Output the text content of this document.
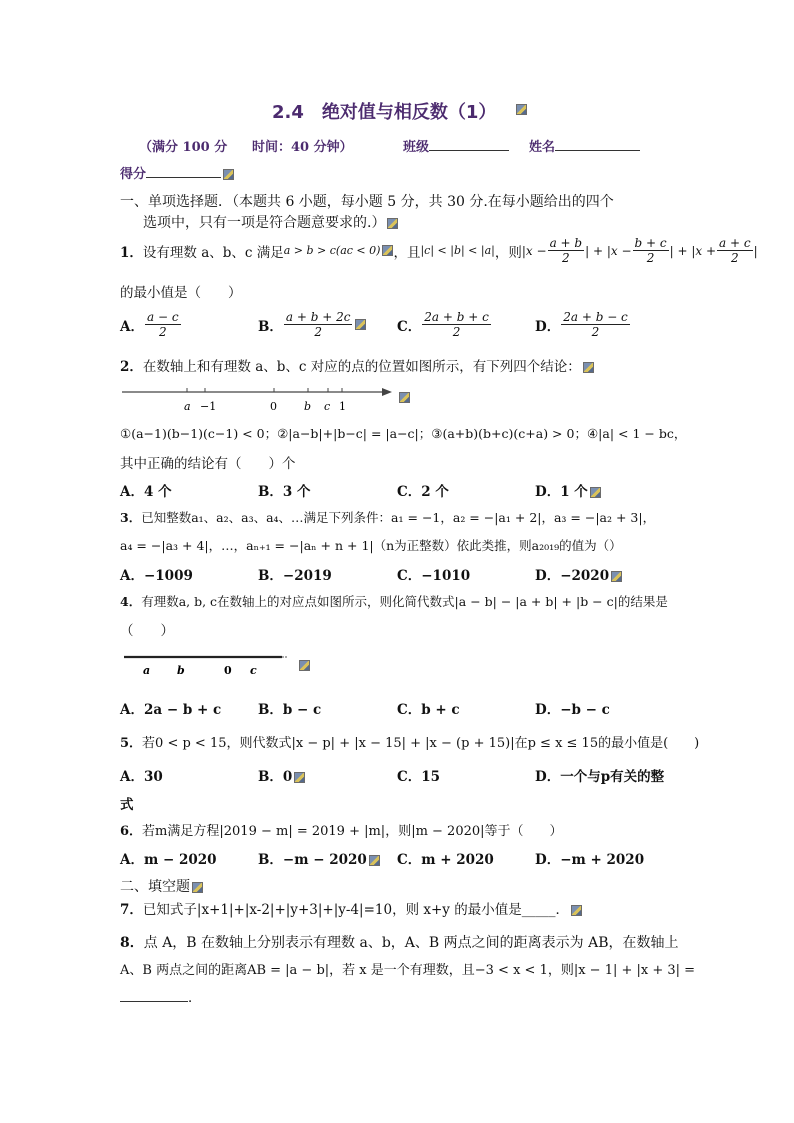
2.4　绝对值与相反数（1）
（满分 100 分 时间：40 分钟）	班级	姓名
得分
一、单项选择题．（本题共 6 小题，每小题 5 分，共 30 分.在每小题给出的四个
选项中，只有一项是符合题意要求的.）
1． 设有理数 a、b、c 满足 a > b > c(ac < 0) ，且 |c| < |b| < |a| ，则 $|x - \frac{a + b}{2}$ | + $|x - \frac{b + c}{2}$ | + $|x + \frac{a + c}{2}$ |
的最小值是（　　）
A． $\frac{a - c}{2}$	B． $\frac{a + b + 2c}{2}$	C． $\frac{2a + b + c}{2}$	D． $\frac{2a + b - c}{2}$
2．在数轴上和有理数 a、b、c 对应的点的位置如图所示，有下列四个结论：
a −1	0 b c 1
①(a−1)(b−1)(c−1) < 0；②|a−b|+|b−c| = |a−c|；③(a+b)(b+c)(c+a) > 0；④|a| < 1 − bc，
其中正确的结论有（　　）个
A．4 个	B．3 个	C．2 个	D．1 个
3．已知整数a₁、a₂、a₃、a₄、…满足下列条件：a₁ = −1，a₂ = −|a₁ + 2|，a₃ = −|a₂ + 3|，
a₄ = −|a₃ + 4|，…，aₙ₊₁ = −|aₙ + n + 1|（n为正整数）依此类推，则a₂₀₁₉的值为（）
A．−1009	B．−2019	C．−1010	D．−2020
4．有理数a, b, c在数轴上的对应点如图所示，则化简代数式|a − b| − |a + b| + |b − c|的结果是
（　　）
a b	0 c
A．2a − b + c	B．b − c	C．b + c	D．−b − c
5．若0 < p < 15，则代数式|x − p| + |x − 15| + |x − (p + 15)|在p ≤ x ≤ 15的最小值是(　　)
A．30	B．0	C．15	D．一个与p有关的整
式
6．若m满足方程|2019 − m| = 2019 + |m|，则|m − 2020|等于（　　）
A．m − 2020	B．−m − 2020	C．m + 2020	D．−m + 2020
二、填空题
7．已知式子|x+1|+|x-2|+|y+3|+|y-4|=10，则 x+y 的最小值是_____．
8．点 A，B 在数轴上分别表示有理数 a、b，A、B 两点之间的距离表示为 AB，在数轴上
A、B 两点之间的距离AB = |a − b|，若 x 是一个有理数，且−3 < x < 1，则|x − 1| + |x + 3| =
．
